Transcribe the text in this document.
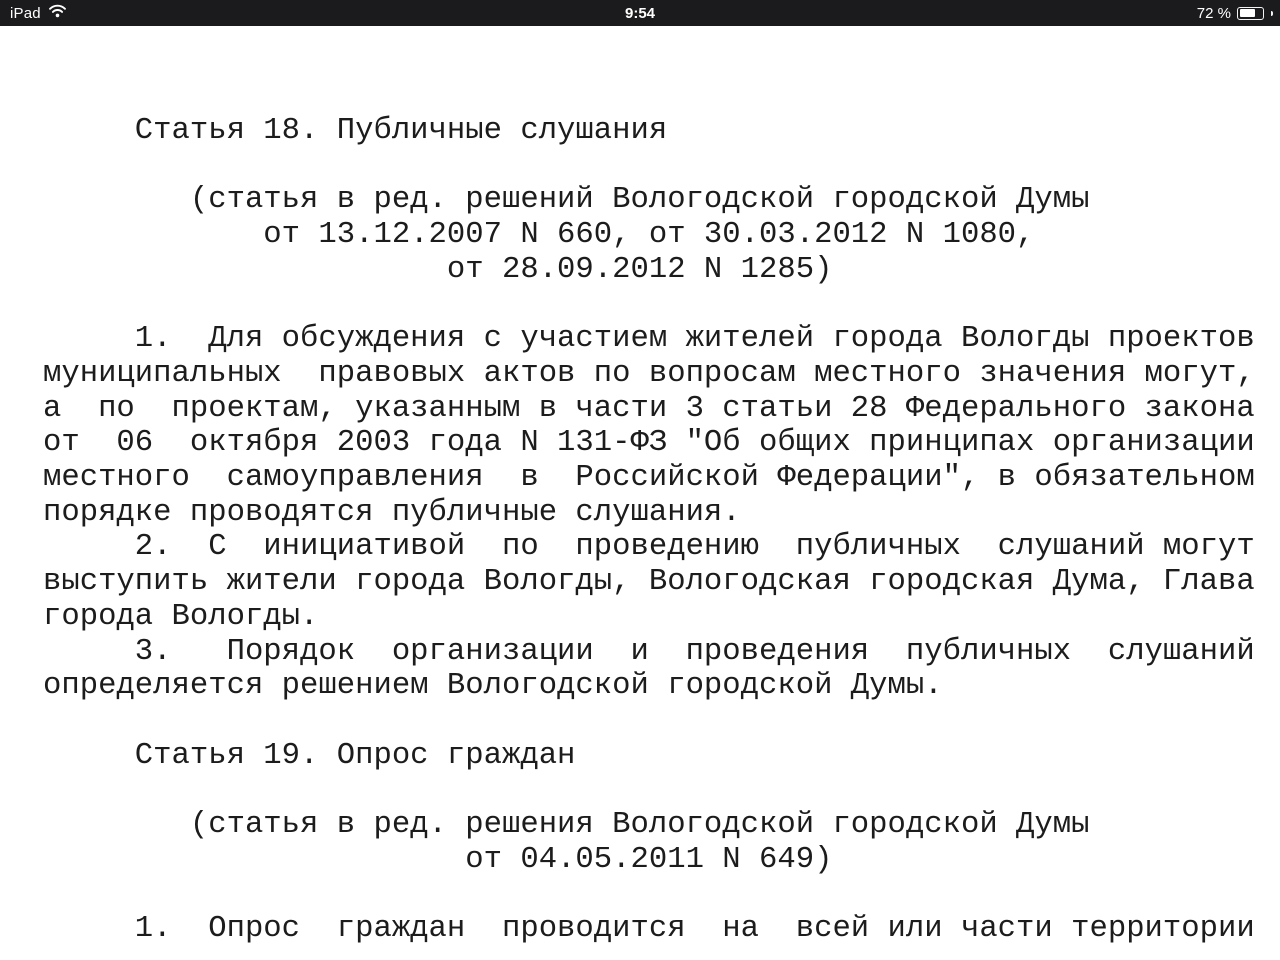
iPad	9:54	72 %
Статья 18. Публичные слушания
(статья в ред. решений Вологодской городской Думы
от 13.12.2007 N 660, от 30.03.2012 N 1080,
от 28.09.2012 N 1285)
1.  Для обсуждения с участием жителей города Вологды проектов
муниципальных  правовых актов по вопросам местного значения могут,
а  по  проектам, указанным в части 3 статьи 28 Федерального закона
от  06  октября 2003 года N 131-ФЗ "Об общих принципах организации
местного  самоуправления  в  Российской Федерации", в обязательном
порядке проводятся публичные слушания.
2.  С  инициативой  по  проведению  публичных  слушаний могут
выступить жители города Вологды, Вологодская городская Дума, Глава
города Вологды.
3.   Порядок  организации  и  проведения  публичных  слушаний
определяется решением Вологодской городской Думы.
Статья 19. Опрос граждан
(статья в ред. решения Вологодской городской Думы
от 04.05.2011 N 649)
1.  Опрос  граждан  проводится  на  всей или части территории
